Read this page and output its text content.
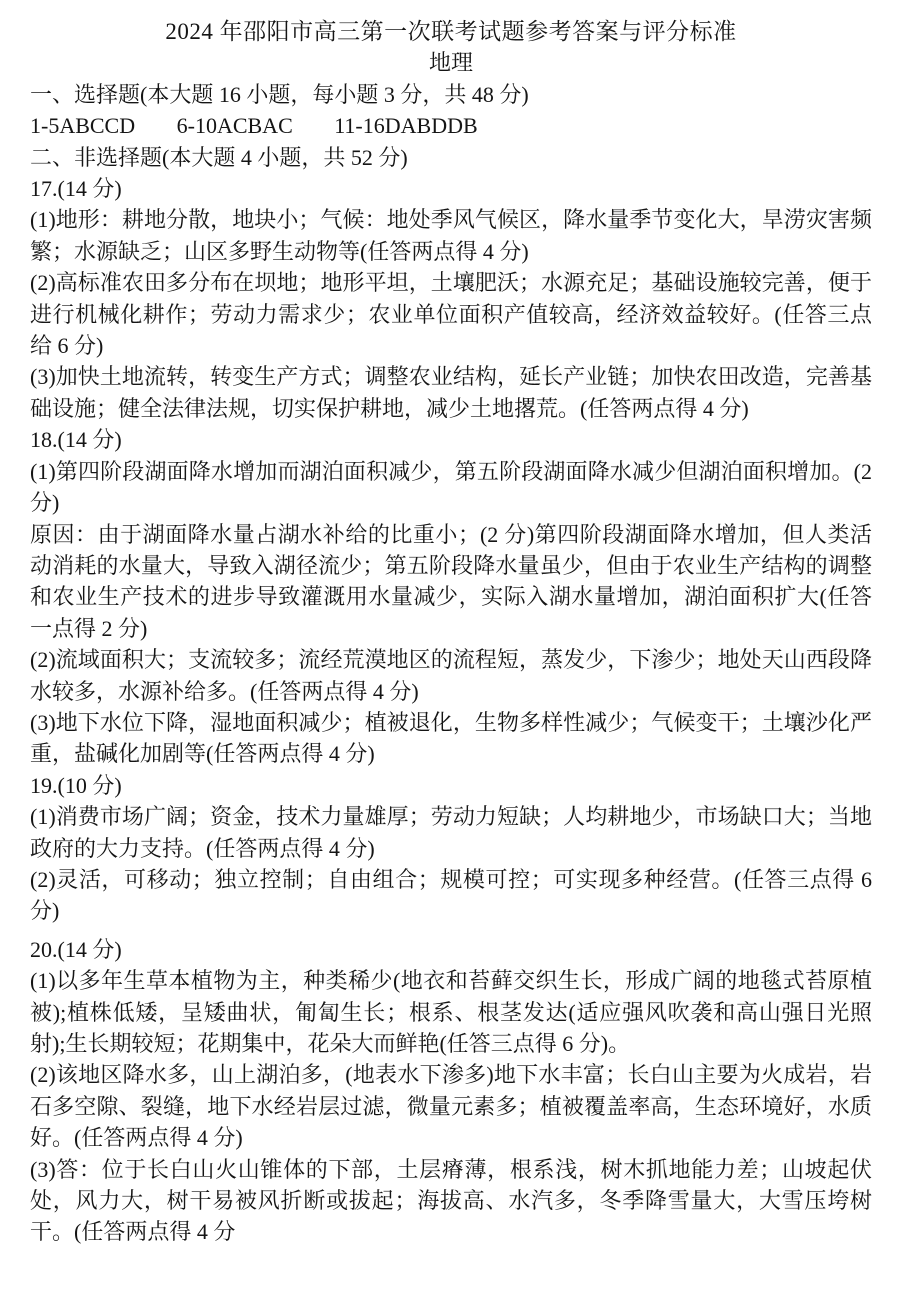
2024 年邵阳市高三第一次联考试题参考答案与评分标准

地理

一、选择题(本大题 16 小题，每小题 3 分，共 48 分)

1-5ABCCD 6-10ACBAC 11-16DABDDB

二、非选择题(本大题 4 小题，共 52 分)

17.(14 分)

(1)地形：耕地分散，地块小；气候：地处季风气候区，降水量季节变化大，旱涝灾害频繁；水源缺乏；山区多野生动物等(任答两点得 4 分)

(2)高标准农田多分布在坝地；地形平坦，土壤肥沃；水源充足；基础设施较完善，便于进行机械化耕作；劳动力需求少；农业单位面积产值较高，经济效益较好。(任答三点给 6 分)

(3)加快土地流转，转变生产方式；调整农业结构，延长产业链；加快农田改造，完善基础设施；健全法律法规，切实保护耕地，减少土地撂荒。(任答两点得 4 分)

18.(14 分)

(1)第四阶段湖面降水增加而湖泊面积减少，第五阶段湖面降水减少但湖泊面积增加。(2 分)

原因：由于湖面降水量占湖水补给的比重小；(2 分)第四阶段湖面降水增加，但人类活动消耗的水量大，导致入湖径流少；第五阶段降水量虽少，但由于农业生产结构的调整和农业生产技术的进步导致灌溉用水量减少，实际入湖水量增加，湖泊面积扩大(任答一点得 2 分)

(2)流域面积大；支流较多；流经荒漠地区的流程短，蒸发少，下渗少；地处天山西段降水较多，水源补给多。(任答两点得 4 分)

(3)地下水位下降，湿地面积减少；植被退化，生物多样性减少；气候变干；土壤沙化严重，盐碱化加剧等(任答两点得 4 分)

19.(10 分)

(1)消费市场广阔；资金，技术力量雄厚；劳动力短缺；人均耕地少，市场缺口大；当地政府的大力支持。(任答两点得 4 分)

(2)灵活，可移动；独立控制；自由组合；规模可控；可实现多种经营。(任答三点得 6 分)

20.(14 分)

(1)以多年生草本植物为主，种类稀少(地衣和苔藓交织生长，形成广阔的地毯式苔原植被);植株低矮，呈矮曲状，匍匐生长；根系、根茎发达(适应强风吹袭和高山强日光照射);生长期较短；花期集中，花朵大而鲜艳(任答三点得 6 分)。

(2)该地区降水多，山上湖泊多，(地表水下渗多)地下水丰富；长白山主要为火成岩，岩石多空隙、裂缝，地下水经岩层过滤，微量元素多；植被覆盖率高，生态环境好，水质好。(任答两点得 4 分)

(3)答：位于长白山火山锥体的下部，土层瘠薄，根系浅，树木抓地能力差；山坡起伏处，风力大，树干易被风折断或拔起；海拔高、水汽多，冬季降雪量大，大雪压垮树干。(任答两点得 4 分
